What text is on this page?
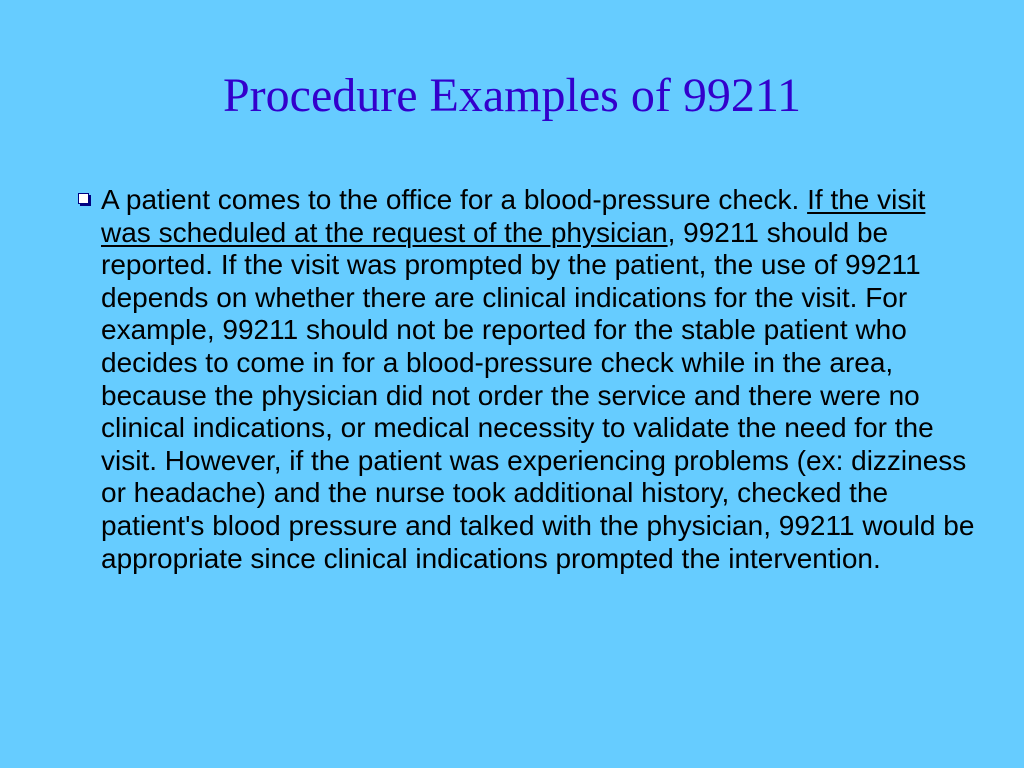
Procedure Examples of 99211
A patient comes to the office for a blood-pressure check. If the visit was scheduled at the request of the physician, 99211 should be reported. If the visit was prompted by the patient, the use of 99211 depends on whether there are clinical indications for the visit. For example, 99211 should not be reported for the stable patient who decides to come in for a blood-pressure check while in the area, because the physician did not order the service and there were no clinical indications, or medical necessity to validate the need for the visit. However, if the patient was experiencing problems (ex: dizziness or headache) and the nurse took additional history, checked the patient's blood pressure and talked with the physician, 99211 would be appropriate since clinical indications prompted the intervention.
